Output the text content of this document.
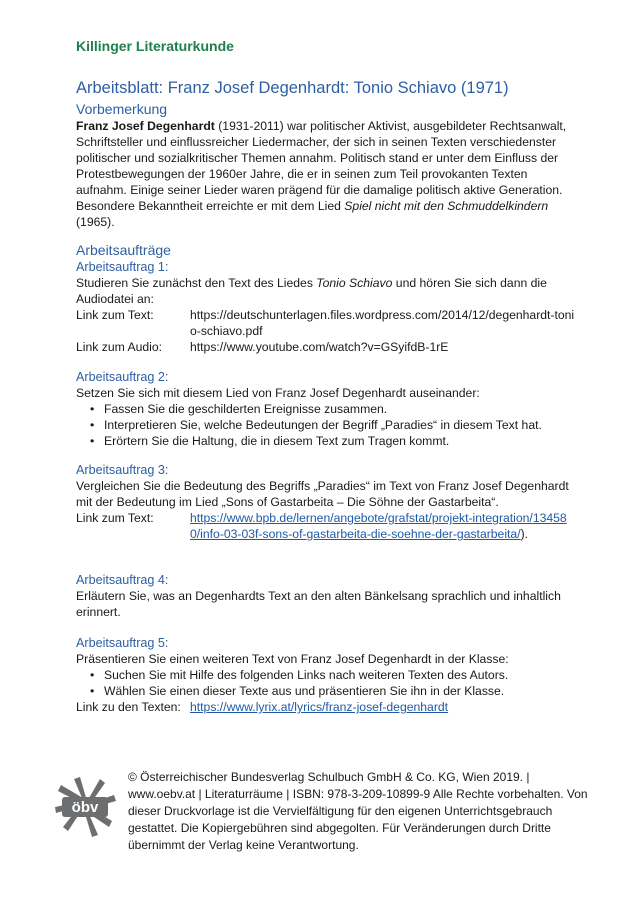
Killinger Literaturkunde
Arbeitsblatt: Franz Josef Degenhardt: Tonio Schiavo (1971)
Vorbemerkung

Franz Josef Degenhardt (1931-2011) war politischer Aktivist, ausgebildeter Rechtsanwalt, Schriftsteller und einflussreicher Liedermacher, der sich in seinen Texten verschiedenster politischer und sozialkritischer Themen annahm. Politisch stand er unter dem Einfluss der Protestbewegungen der 1960er Jahre, die er in seinen zum Teil provokanten Texten aufnahm. Einige seiner Lieder waren prägend für die damalige politisch aktive Generation. Besondere Bekanntheit erreichte er mit dem Lied Spiel nicht mit den Schmuddelkindern (1965).

Arbeitsaufträge
Arbeitsauftrag 1:

Studieren Sie zunächst den Text des Liedes Tonio Schiavo und hören Sie sich dann die Audiodatei an:

Link zum Text:	https://deutschunterlagen.files.wordpress.com/2014/12/degenhardt-tonio-schiavo.pdf
Link zum Audio:	https://www.youtube.com/watch?v=GSyifdB-1rE
Arbeitsauftrag 2:

Setzen Sie sich mit diesem Lied von Franz Josef Degenhardt auseinander:

• Fassen Sie die geschilderten Ereignisse zusammen.
• Interpretieren Sie, welche Bedeutungen der Begriff „Paradies“ in diesem Text hat.
• Erörtern Sie die Haltung, die in diesem Text zum Tragen kommt.
Arbeitsauftrag 3:

Vergleichen Sie die Bedeutung des Begriffs „Paradies“ im Text von Franz Josef Degenhardt mit der Bedeutung im Lied „Sons of Gastarbeita – Die Söhne der Gastarbeita“.

Link zum Text:	https://www.bpb.de/lernen/angebote/grafstat/projekt-integration/134580/info-03-03f-sons-of-gastarbeita-die-soehne-der-gastarbeita/).
Arbeitsauftrag 4:

Erläutern Sie, was an Degenhardts Text an den alten Bänkelsang sprachlich und inhaltlich erinnert.

Arbeitsauftrag 5:

Präsentieren Sie einen weiteren Text von Franz Josef Degenhardt in der Klasse:

• Suchen Sie mit Hilfe des folgenden Links nach weiteren Texten des Autors.
• Wählen Sie einen dieser Texte aus und präsentieren Sie ihn in der Klasse.
Link zu den Texten: https://www.lyrix.at/lyrics/franz-josef-degenhardt
öbv
© Österreichischer Bundesverlag Schulbuch GmbH & Co. KG, Wien 2019. | www.oebv.at | Literaturräume | ISBN: 978-3-209-10899-9 Alle Rechte vorbehalten. Von dieser Druckvorlage ist die Vervielfältigung für den eigenen Unterrichtsgebrauch gestattet. Die Kopiergebühren sind abgegolten. Für Veränderungen durch Dritte übernimmt der Verlag keine Verantwortung.
